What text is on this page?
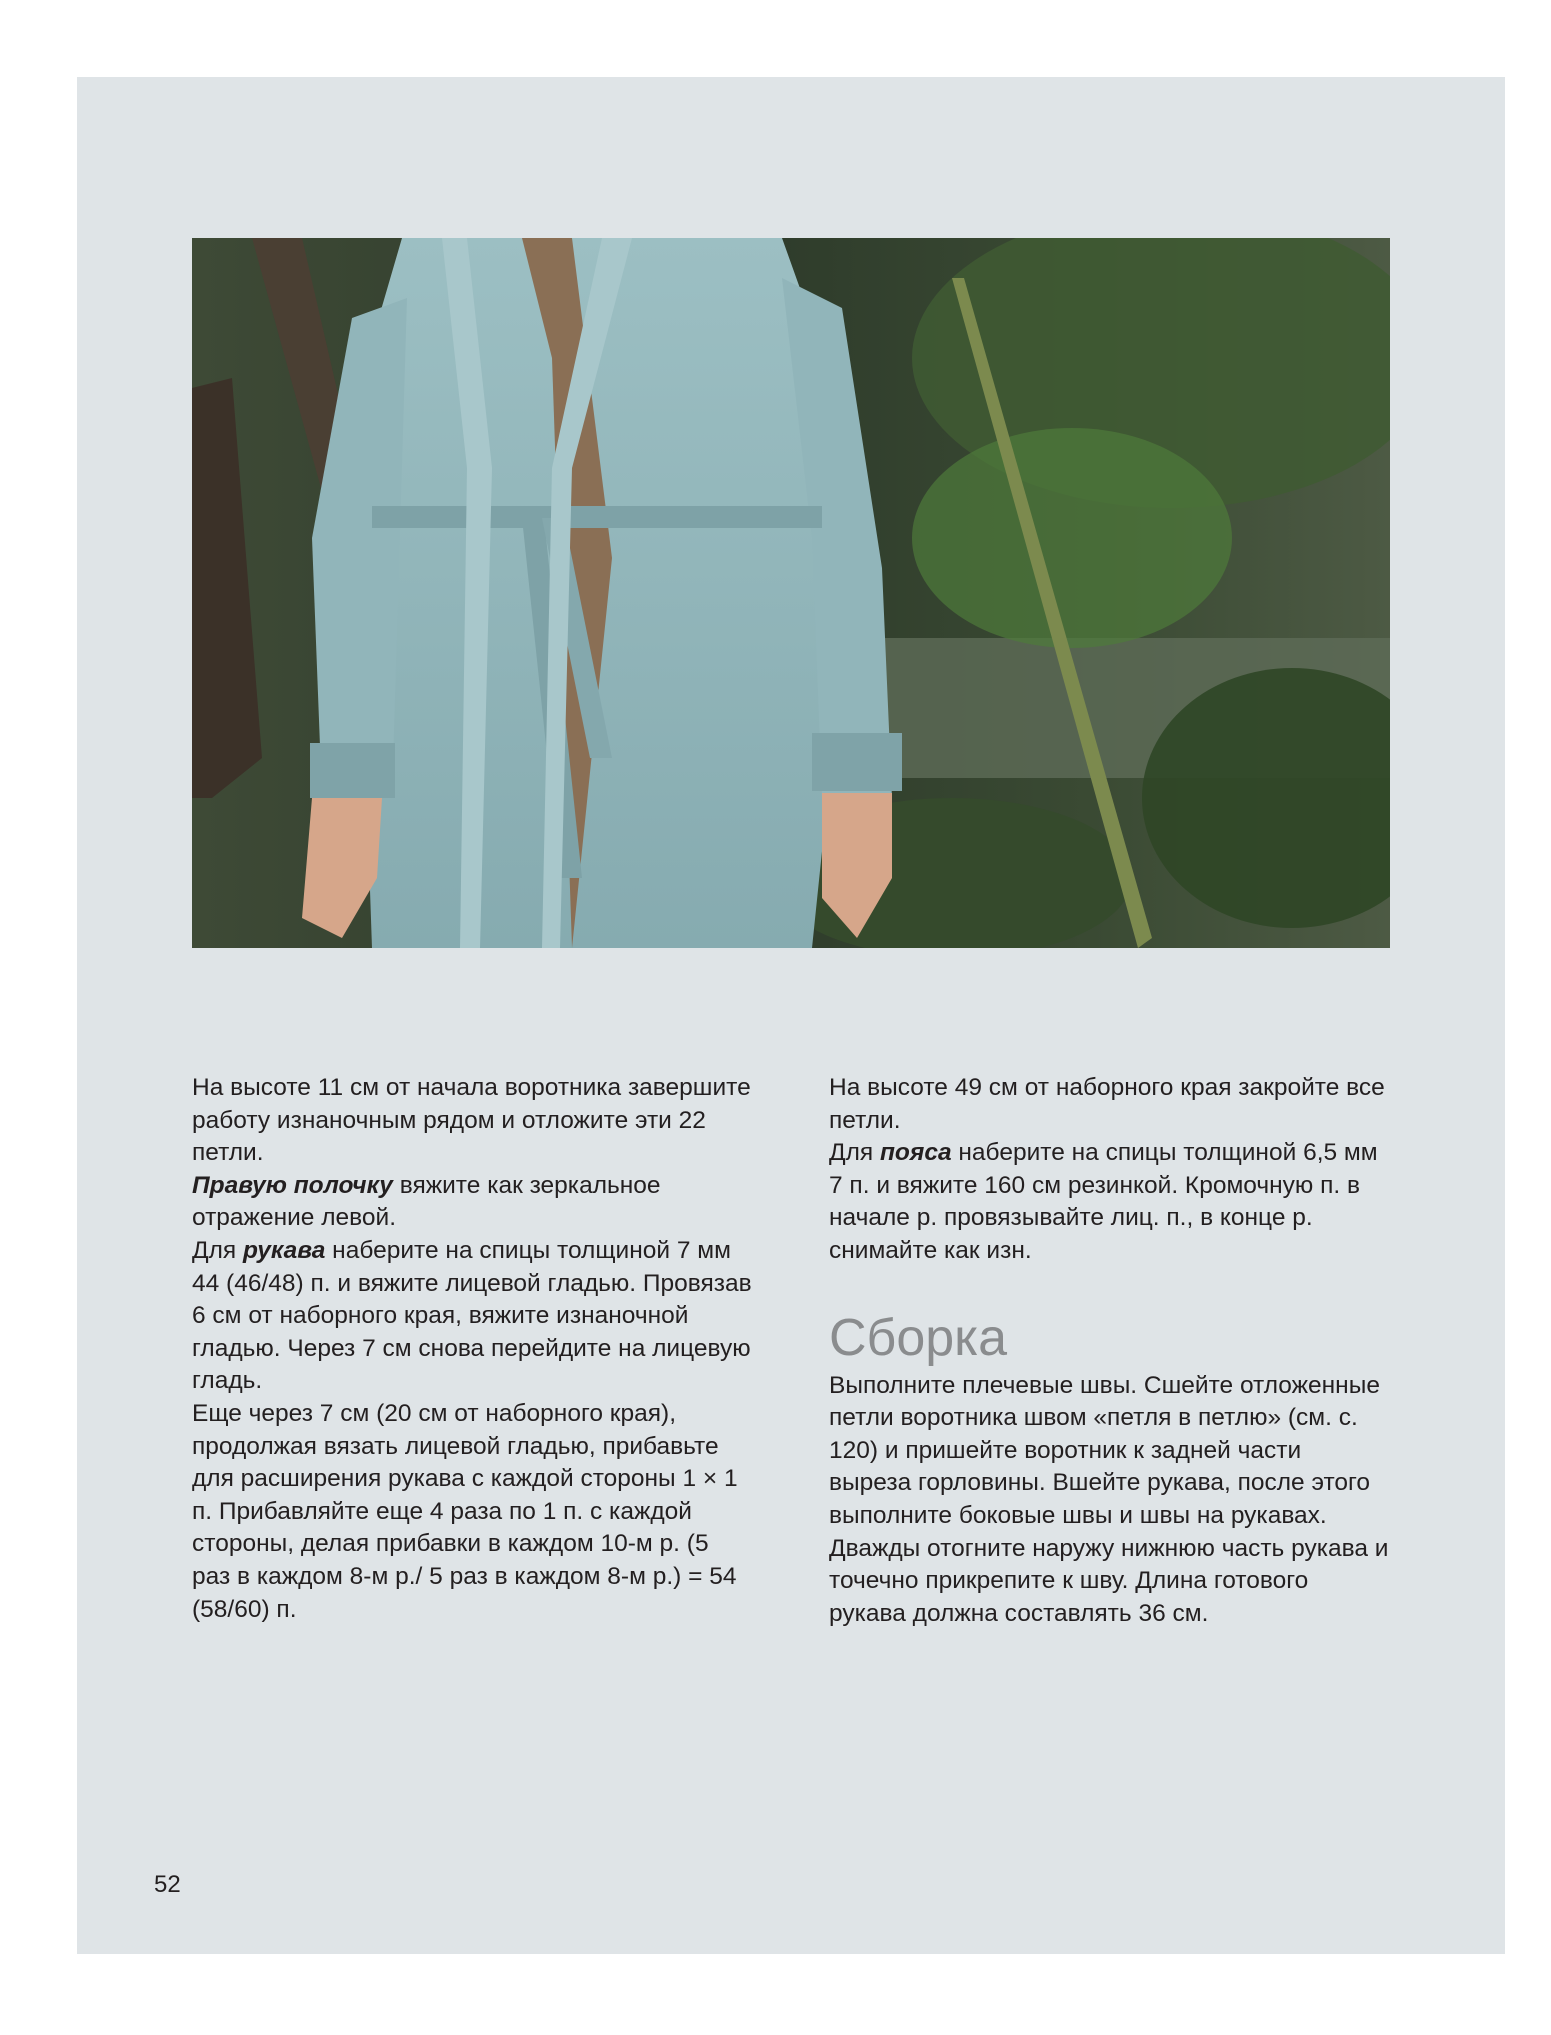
На высоте 11 см от начала воротника завершите работу изнаночным рядом и отложите эти 22 петли.

Правую полочку вяжите как зеркальное отражение левой.

Для рукава наберите на спицы толщиной 7 мм 44 (46/48) п. и вяжите лицевой гладью. Провязав 6 см от наборного края, вяжите изнаночной гладью. Через 7 см снова перейдите на лицевую гладь.

Еще через 7 см (20 см от наборного края), продолжая вязать лицевой гладью, прибавьте для расширения рукава с каждой стороны 1 × 1 п. Прибавляйте еще 4 раза по 1 п. с каждой стороны, делая прибавки в каждом 10-м р. (5 раз в каждом 8-м р./ 5 раз в каждом 8-м р.) = 54 (58/60) п.

На высоте 49 см от наборного края закройте все петли.

Для пояса наберите на спицы толщиной 6,5 мм 7 п. и вяжите 160 см резинкой. Кромочную п. в начале р. провязывайте лиц. п., в конце р. снимайте как изн.

Сборка

Выполните плечевые швы. Сшейте отложенные петли воротника швом «петля в петлю» (см. с. 120) и пришейте воротник к задней части выреза горловины. Вшейте рукава, после этого выполните боковые швы и швы на рукавах. Дважды отогните наружу нижнюю часть рукава и точечно прикрепите к шву. Длина готового рукава должна составлять 36 см.

52
